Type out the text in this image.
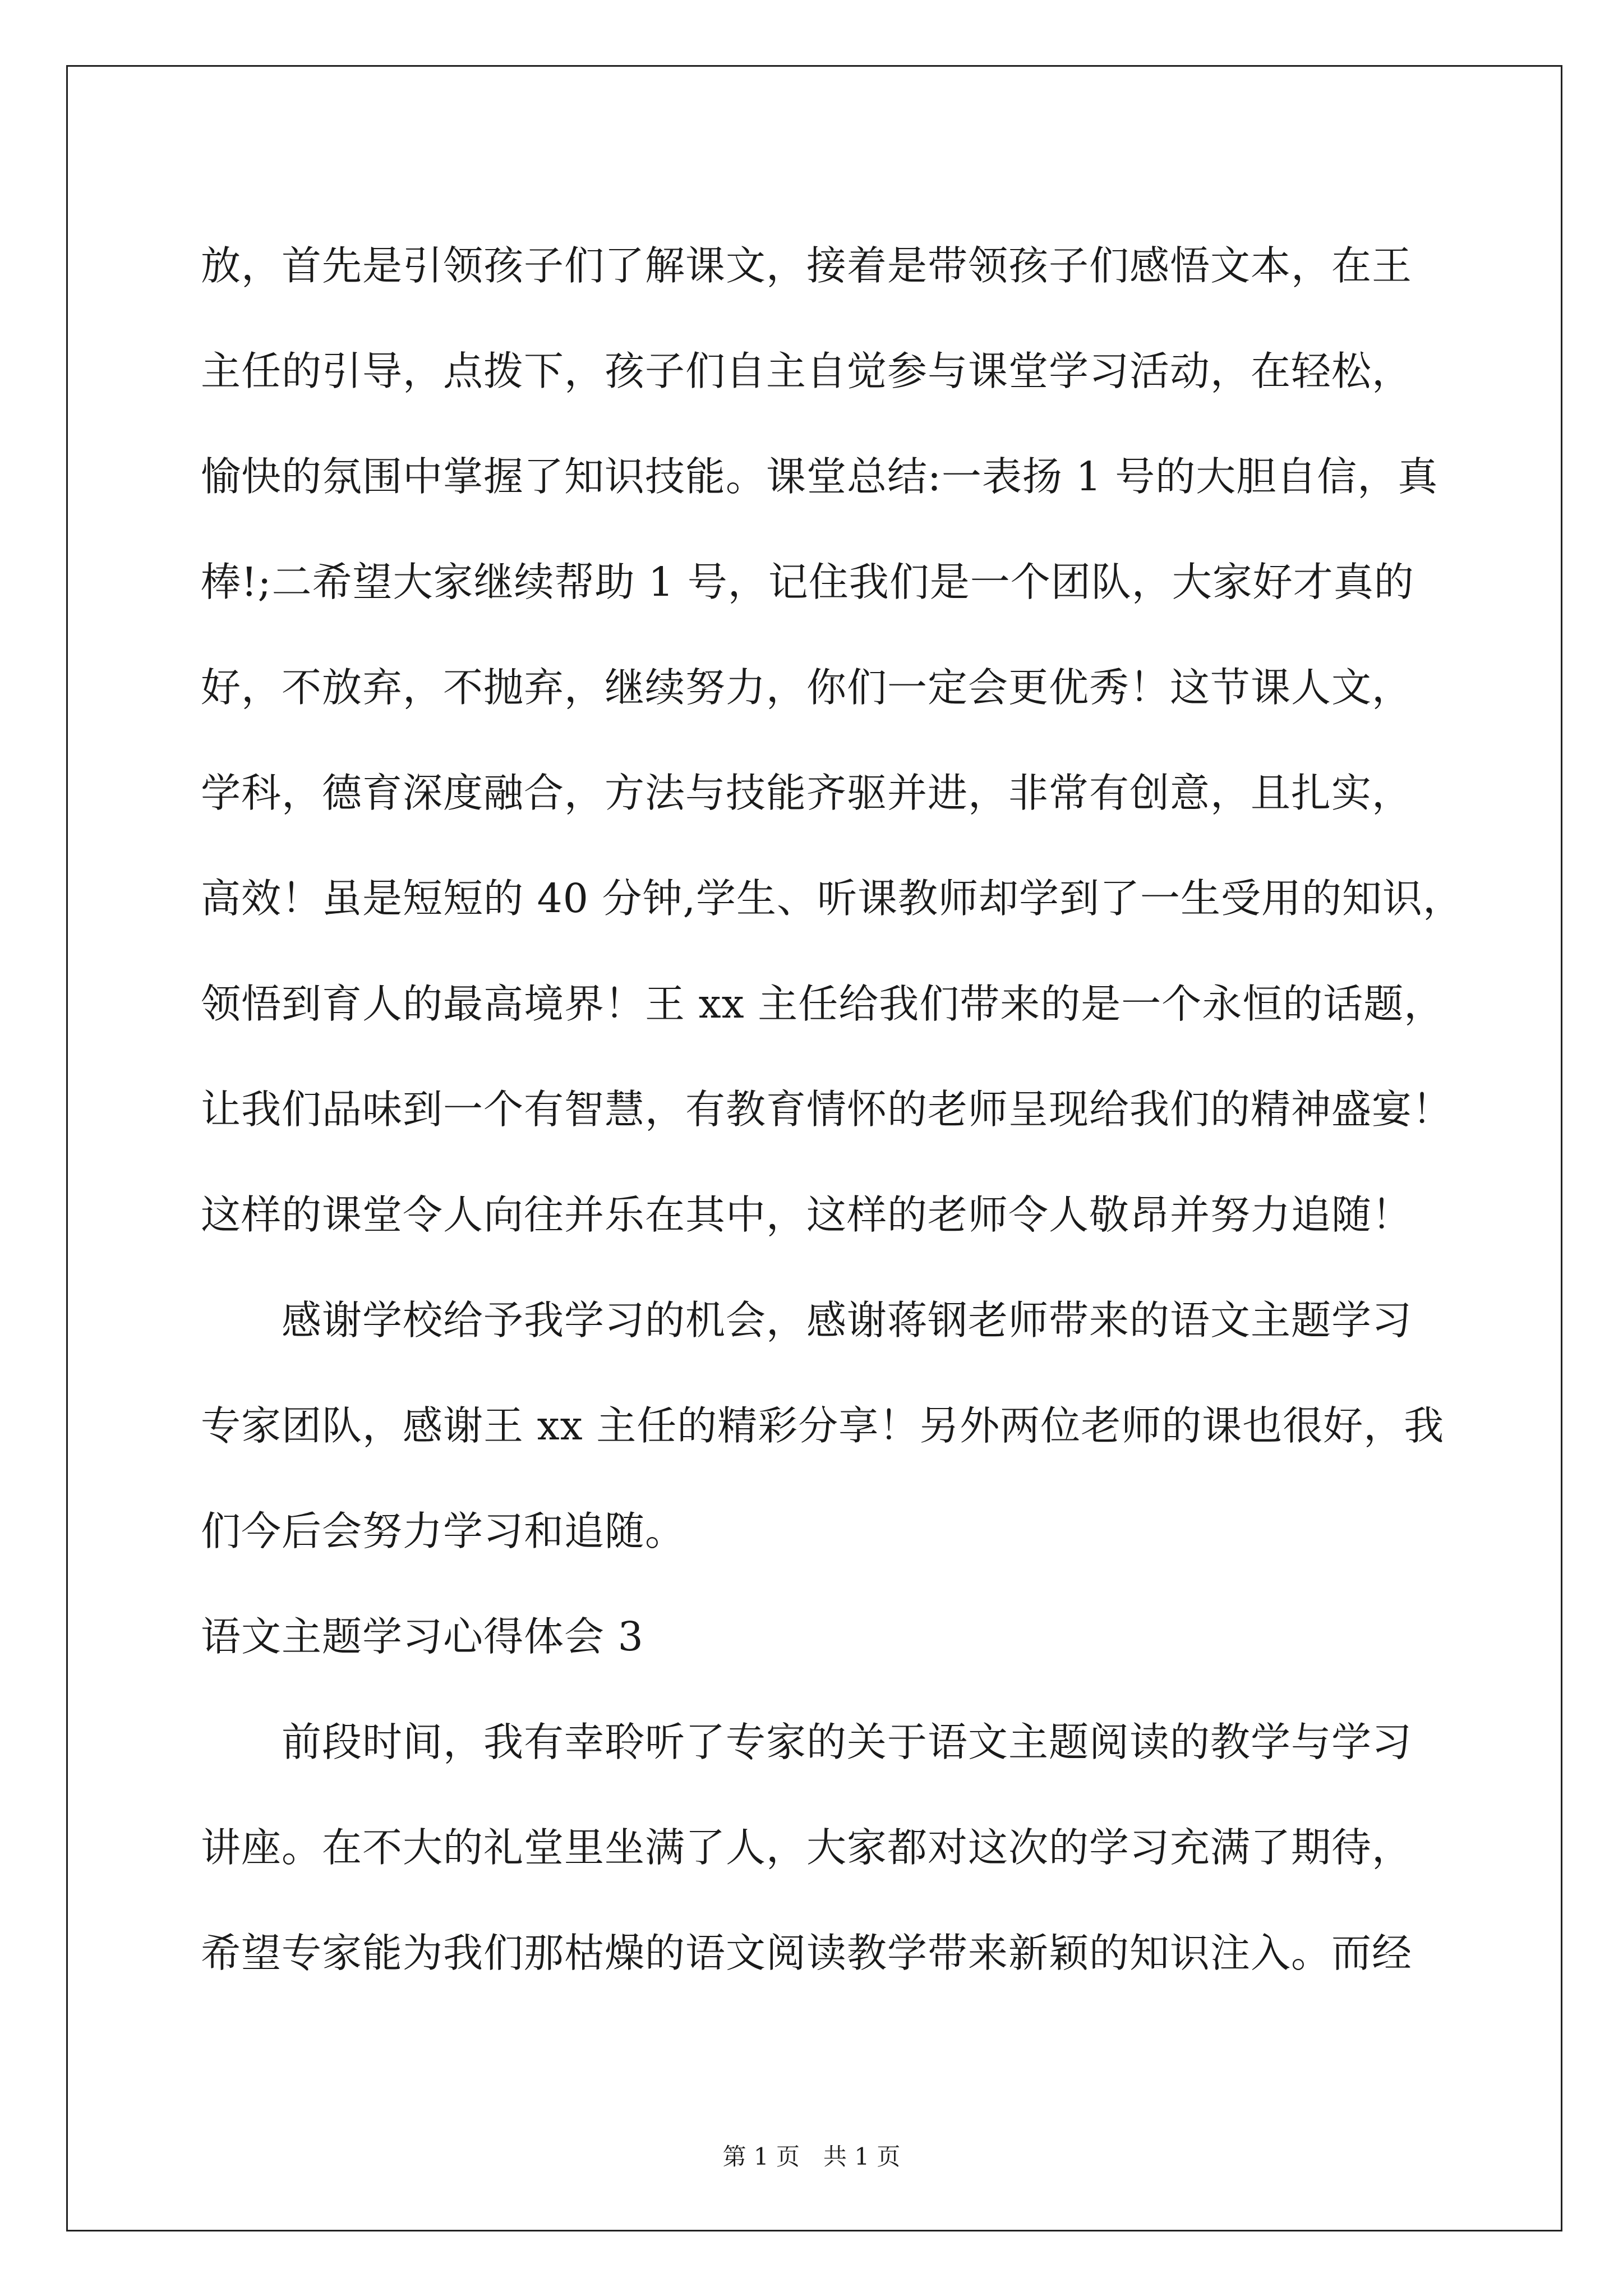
放，首先是引领孩子们了解课文，接着是带领孩子们感悟文本，在王
主任的引导，点拨下，孩子们自主自觉参与课堂学习活动，在轻松，
愉快的氛围中掌握了知识技能。课堂总结:一表扬 1 号的大胆自信，真
棒!;二希望大家继续帮助 1 号，记住我们是一个团队，大家好才真的
好，不放弃，不抛弃，继续努力，你们一定会更优秀！这节课人文，
学科，德育深度融合，方法与技能齐驱并进，非常有创意，且扎实，
高效！虽是短短的 40 分钟,学生、听课教师却学到了一生受用的知识，
领悟到育人的最高境界！王 xx 主任给我们带来的是一个永恒的话题，
让我们品味到一个有智慧，有教育情怀的老师呈现给我们的精神盛宴！
这样的课堂令人向往并乐在其中，这样的老师令人敬昂并努力追随！
感谢学校给予我学习的机会，感谢蒋钢老师带来的语文主题学习
专家团队，感谢王 xx 主任的精彩分享！另外两位老师的课也很好，我
们今后会努力学习和追随。
语文主题学习心得体会 3
前段时间，我有幸聆听了专家的关于语文主题阅读的教学与学习
讲座。在不大的礼堂里坐满了人，大家都对这次的学习充满了期待，
希望专家能为我们那枯燥的语文阅读教学带来新颖的知识注入。而经
第 1 页　共 1 页
